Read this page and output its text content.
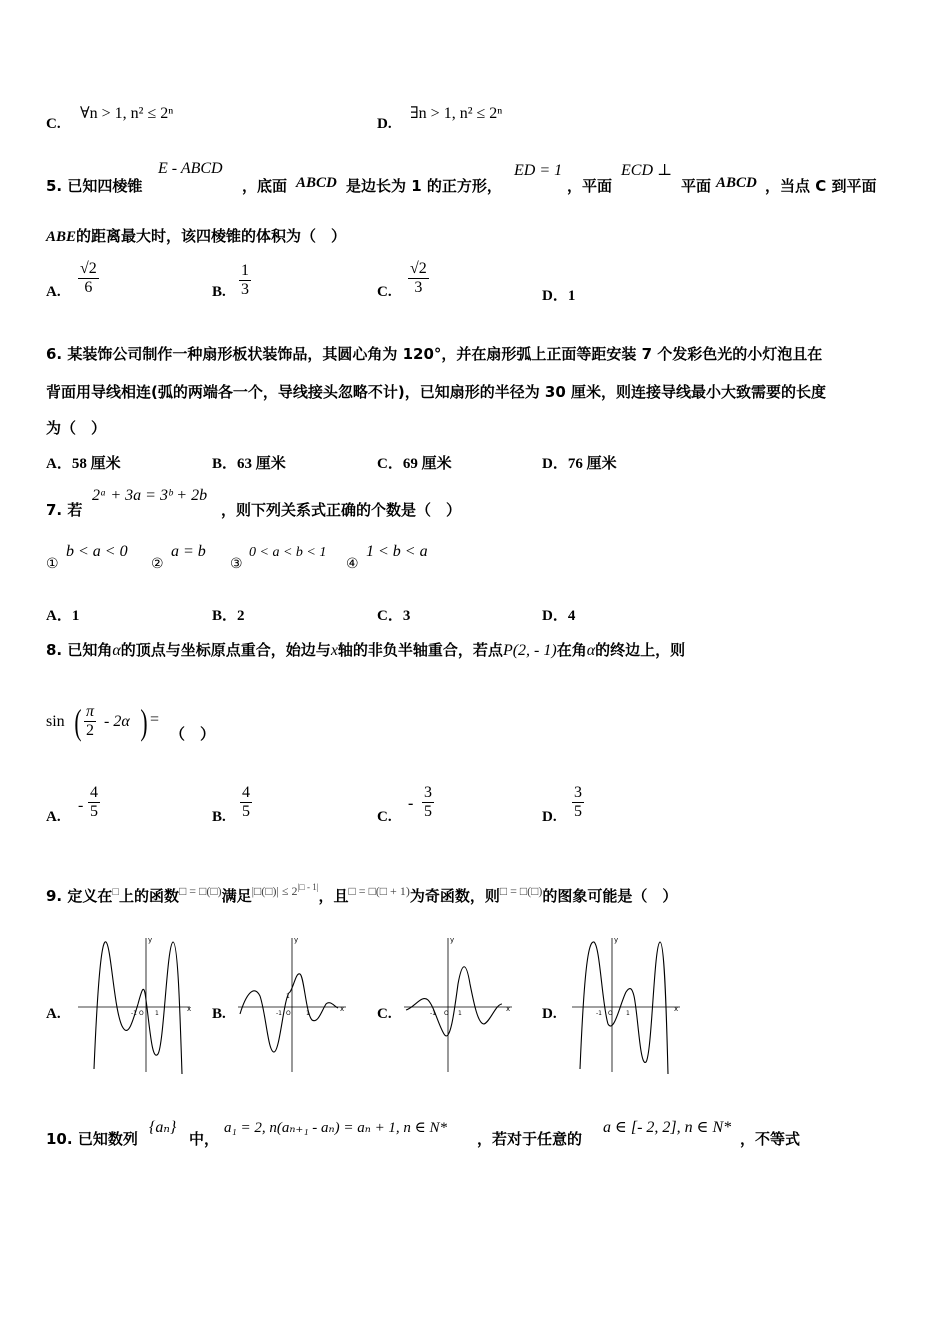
C.
∀n > 1, n² ≤ 2ⁿ
D.
∃n > 1, n² ≤ 2ⁿ
5. 已知四棱锥
E - ABCD
，底面 ABCD 是边长为 1 的正方形，
ED = 1
，平面
ECD ⊥
平面 ABCD ，当点 C 到平面
ABE的距离最大时，该四棱锥的体积为（　）
A. $\frac{√2}{6}$	B. $\frac{1}{3}$	C. $\frac{√2}{3}$	D．1
6. 某装饰公司制作一种扇形板状装饰品，其圆心角为 120°，并在扇形弧上正面等距安装 7 个发彩色光的小灯泡且在
背面用导线相连(弧的两端各一个，导线接头忽略不计)，已知扇形的半径为 30 厘米，则连接导线最小大致需要的长度
为（　）
A．58 厘米	B．63 厘米	C．69 厘米	D．76 厘米
7. 若
2ᵃ + 3a = 3ᵇ + 2b
，则下列关系式正确的个数是（　）
①
b < a < 0
②
a = b
③
0 < a < b < 1
④
1 < b < a
A．1	B．2	C．3	D．4
8. 已知角α的顶点与坐标原点重合，始边与x轴的非负半轴重合，若点P(2, - 1)在角α的终边上，则
sin ( $\frac{\pi}{2} - 2\alpha$ ) =
（　）
A.
- $\frac{4}{5}$	B. $\frac{4}{5}$	C.
- $\frac{3}{5}$	D. $\frac{3}{5}$
9. 定义在□上的函数□ = □(□)满足$^{|□(□)| \le 2^{|□ - 1|}}$，且$^{□ = □(□ + 1)}$为奇函数，则□ = □(□)的图象可能是（　）
A.	B.	C.	D.
x
y
-1 O 1
x
y
-1 O	1
1
x
y
-1 O 1
x
y
-1 O 1
10. 已知数列
{aₙ}
中，
a₁ = 2, n(aₙ₊₁ - aₙ) = aₙ + 1, n ∈ N*
，若对于任意的
a ∈ [- 2, 2], n ∈ N*
，不等式
